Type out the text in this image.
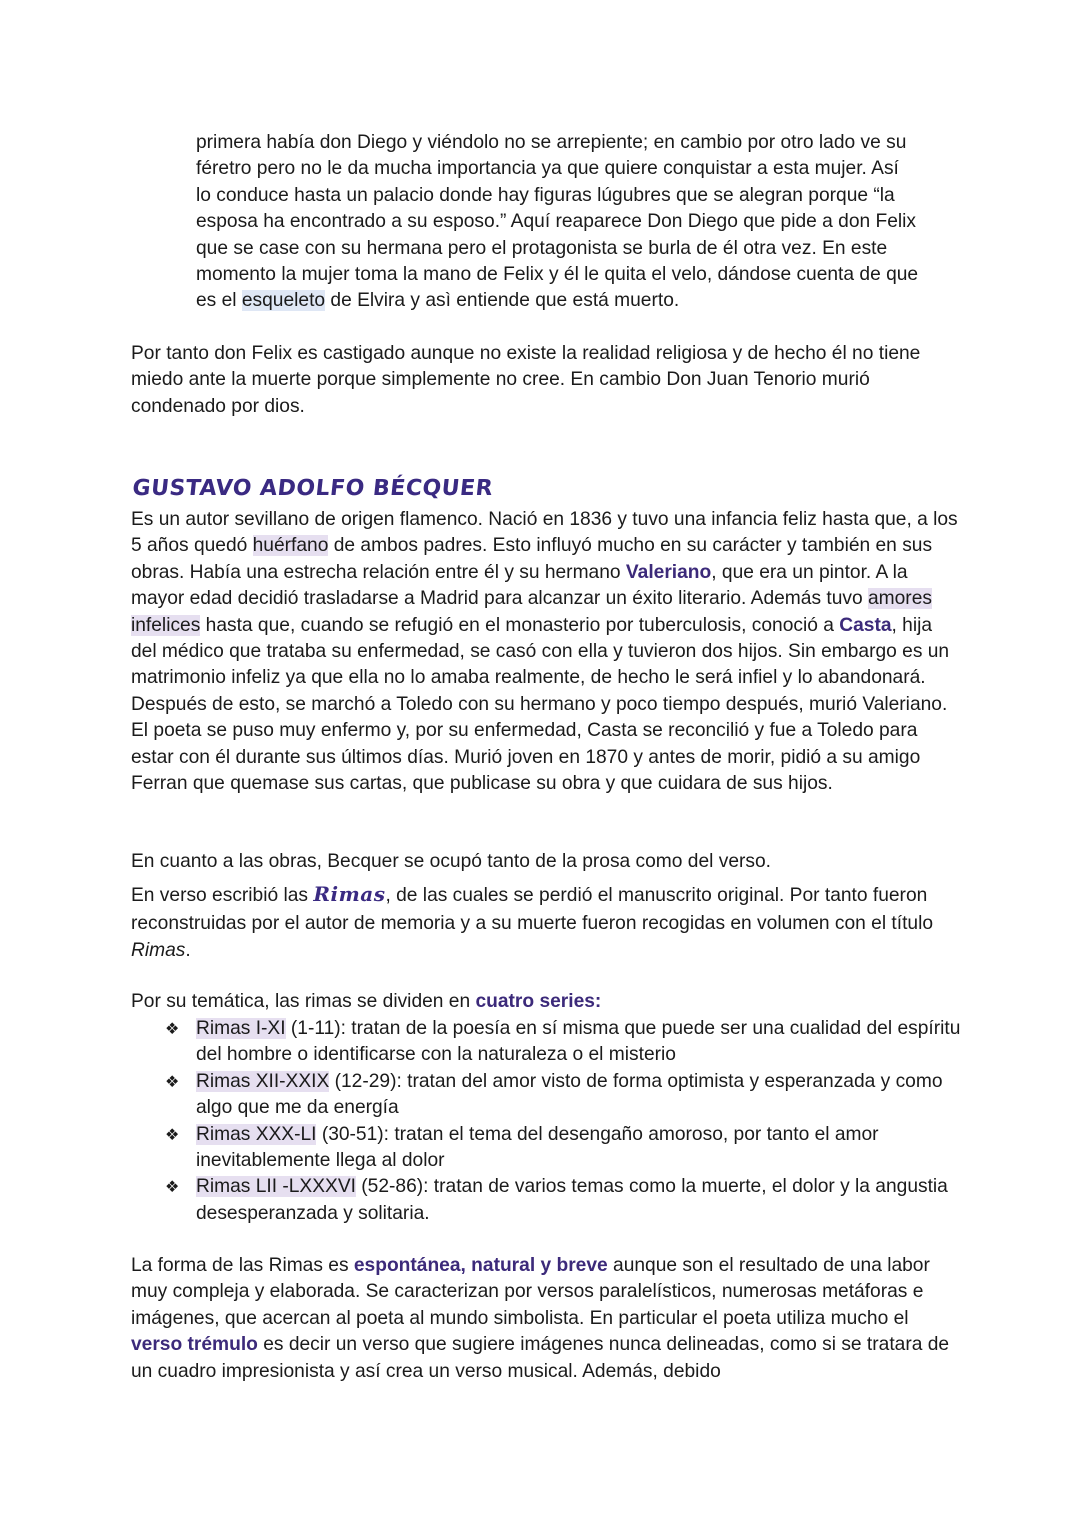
primera había don Diego y viéndolo no se arrepiente; en cambio por otro lado ve su

féretro pero no le da mucha importancia ya que quiere conquistar a esta mujer. Así

lo conduce hasta un palacio donde hay figuras lúgubres que se alegran porque “la

esposa ha encontrado a su esposo.” Aquí reaparece Don Diego que pide a don Felix

que se case con su hermana pero el protagonista se burla de él otra vez. En este

momento la mujer toma la mano de Felix y él le quita el velo, dándose cuenta de que

es el esqueleto de Elvira y asì entiende que está muerto.

Por tanto don Felix es castigado aunque no existe la realidad religiosa y de hecho él no tiene miedo ante la muerte porque simplemente no cree. En cambio Don Juan Tenorio murió condenado por dios.

GUSTAVO ADOLFO BÉCQUER

Es un autor sevillano de origen flamenco. Nació en 1836 y tuvo una infancia feliz hasta que, a los 5 años quedó huérfano de ambos padres. Esto influyó mucho en su carácter y también en sus obras. Había una estrecha relación entre él y su hermano Valeriano, que era un pintor. A la mayor edad decidió trasladarse a Madrid para alcanzar un éxito literario. Además tuvo amores infelices hasta que, cuando se refugió en el monasterio por tuberculosis, conoció a Casta, hija del médico que trataba su enfermedad, se casó con ella y tuvieron dos hijos. Sin embargo es un matrimonio infeliz ya que ella no lo amaba realmente, de hecho le será infiel y lo abandonará. Después de esto, se marchó a Toledo con su hermano y poco tiempo después, murió Valeriano. El poeta se puso muy enfermo y, por su enfermedad, Casta se reconcilió y fue a Toledo para estar con él durante sus últimos días. Murió joven en 1870 y antes de morir, pidió a su amigo Ferran que quemase sus cartas, que publicase su obra y que cuidara de sus hijos.

En cuanto a las obras, Becquer se ocupó tanto de la prosa como del verso.

En verso escribió las Rimas, de las cuales se perdió el manuscrito original. Por tanto fueron reconstruidas por el autor de memoria y a su muerte fueron recogidas en volumen con el título Rimas.

Por su temática, las rimas se dividen en cuatro series:

❖ Rimas I-XI (1-11): tratan de la poesía en sí misma que puede ser una cualidad del espíritu del hombre o identificarse con la naturaleza o el misterio
❖ Rimas XII-XXIX (12-29): tratan del amor visto de forma optimista y esperanzada y como algo que me da energía
❖ Rimas XXX-LI (30-51): tratan el tema del desengaño amoroso, por tanto el amor inevitablemente llega al dolor
❖ Rimas LII -LXXXVI (52-86): tratan de varios temas como la muerte, el dolor y la angustia desesperanzada y solitaria.

La forma de las Rimas es espontánea, natural y breve aunque son el resultado de una labor muy compleja y elaborada. Se caracterizan por versos paralelísticos, numerosas metáforas e imágenes, que acercan al poeta al mundo simbolista. En particular el poeta utiliza mucho el verso trémulo es decir un verso que sugiere imágenes nunca delineadas, como si se tratara de un cuadro impresionista y así crea un verso musical. Además, debido
